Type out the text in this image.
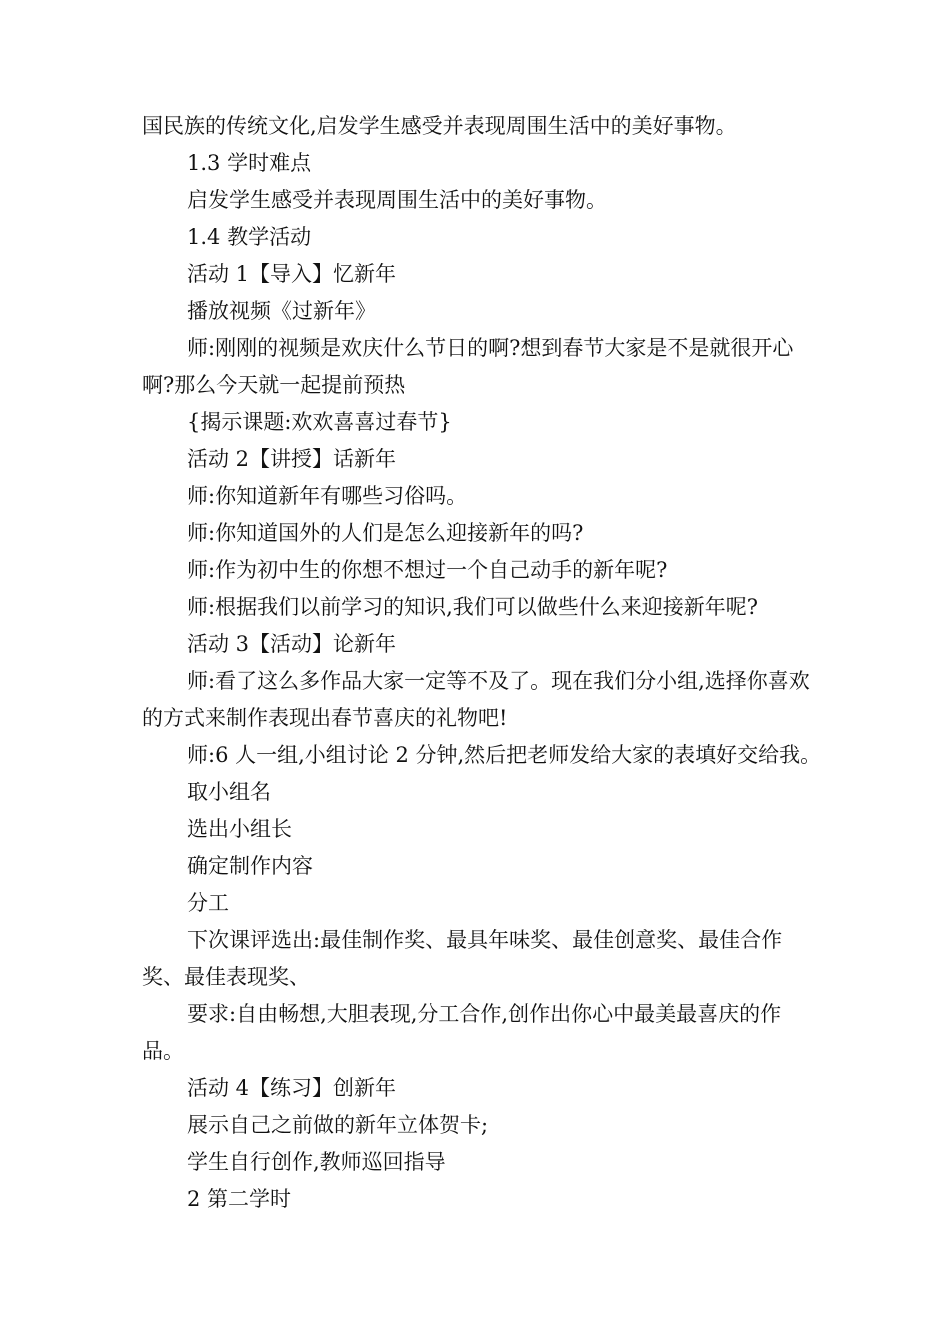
国民族的传统文化,启发学生感受并表现周围生活中的美好事物。

1.3 学时难点

启发学生感受并表现周围生活中的美好事物。

1.4 教学活动

活动 1【导入】忆新年

播放视频《过新年》

师:刚刚的视频是欢庆什么节日的啊?想到春节大家是不是就很开心啊?那么今天就一起提前预热

{揭示课题:欢欢喜喜过春节}

活动 2【讲授】话新年

师:你知道新年有哪些习俗吗。

师:你知道国外的人们是怎么迎接新年的吗?

师:作为初中生的你想不想过一个自己动手的新年呢?

师:根据我们以前学习的知识,我们可以做些什么来迎接新年呢?

活动 3【活动】论新年

师:看了这么多作品大家一定等不及了。现在我们分小组,选择你喜欢的方式来制作表现出春节喜庆的礼物吧!

师:6 人一组,小组讨论 2 分钟,然后把老师发给大家的表填好交给我。

取小组名

选出小组长

确定制作内容

分工

下次课评选出:最佳制作奖、最具年味奖、最佳创意奖、最佳合作奖、最佳表现奖、

要求:自由畅想,大胆表现,分工合作,创作出你心中最美最喜庆的作品。

活动 4【练习】创新年

展示自己之前做的新年立体贺卡;

学生自行创作,教师巡回指导

2 第二学时
